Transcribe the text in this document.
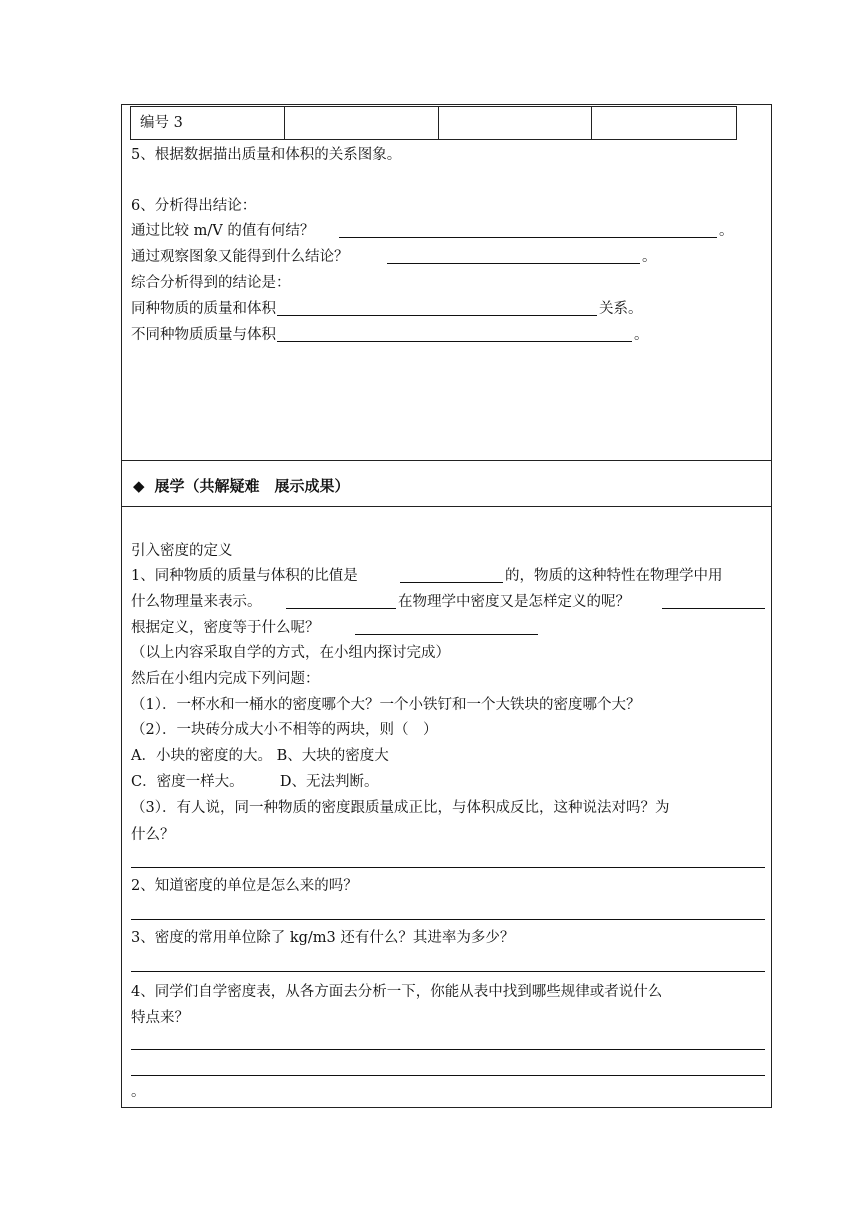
编号 3
5、根据数据描出质量和体积的关系图象。
6、分析得出结论：
通过比较 m/V 的值有何结？	。
通过观察图象又能得到什么结论？	。
综合分析得到的结论是：
同种物质的质量和体积	关系。
不同种物质质量与体积	。
◆ 展学（共解疑难　展示成果）
引入密度的定义
1、同种物质的质量与体积的比值是	的，物质的这种特性在物理学中用
什么物理量来表示。	在物理学中密度又是怎样定义的呢？
根据定义，密度等于什么呢？
（以上内容采取自学的方式，在小组内探讨完成）
然后在小组内完成下列问题：
（1）．一杯水和一桶水的密度哪个大？一个小铁钉和一个大铁块的密度哪个大？
（2）．一块砖分成大小不相等的两块，则（　）
A．小块的密度的大。 B、大块的密度大
C．密度一样大。　　　D、无法判断。
（3）．有人说，同一种物质的密度跟质量成正比，与体积成反比，这种说法对吗？为
什么？
2、知道密度的单位是怎么来的吗？
3、密度的常用单位除了 kg/m3 还有什么？其进率为多少？
4、同学们自学密度表，从各方面去分析一下，你能从表中找到哪些规律或者说什么
特点来？
。
